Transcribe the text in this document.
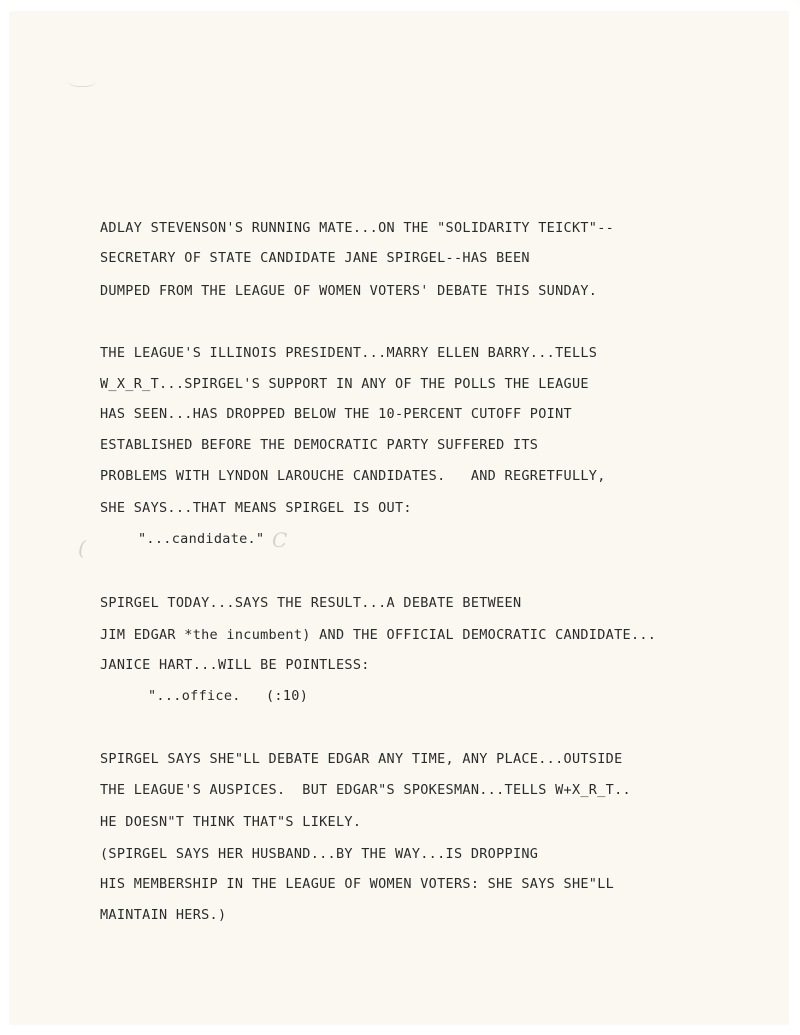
ADLAY STEVENSON'S RUNNING MATE...ON THE "SOLIDARITY TEICKT"--
SECRETARY OF STATE CANDIDATE JANE SPIRGEL--HAS BEEN
DUMPED FROM THE LEAGUE OF WOMEN VOTERS' DEBATE THIS SUNDAY.
THE LEAGUE'S ILLINOIS PRESIDENT...MARRY ELLEN BARRY...TELLS
W_X_R_T...SPIRGEL'S SUPPORT IN ANY OF THE POLLS THE LEAGUE
HAS SEEN...HAS DROPPED BELOW THE 10-PERCENT CUTOFF POINT
ESTABLISHED BEFORE THE DEMOCRATIC PARTY SUFFERED ITS
PROBLEMS WITH LYNDON LAROUCHE CANDIDATES.   AND REGRETFULLY,
SHE SAYS...THAT MEANS SPIRGEL IS OUT:
(	C
"...candidate."
SPIRGEL TODAY...SAYS THE RESULT...A DEBATE BETWEEN
JIM EDGAR *the incumbent) AND THE OFFICIAL DEMOCRATIC CANDIDATE...
JANICE HART...WILL BE POINTLESS:
"...office.   (:10)
SPIRGEL SAYS SHE"LL DEBATE EDGAR ANY TIME, ANY PLACE...OUTSIDE
THE LEAGUE'S AUSPICES.  BUT EDGAR"S SPOKESMAN...TELLS W+X_R_T..
HE DOESN"T THINK THAT"S LIKELY.
(SPIRGEL SAYS HER HUSBAND...BY THE WAY...IS DROPPING
HIS MEMBERSHIP IN THE LEAGUE OF WOMEN VOTERS: SHE SAYS SHE"LL
MAINTAIN HERS.)
